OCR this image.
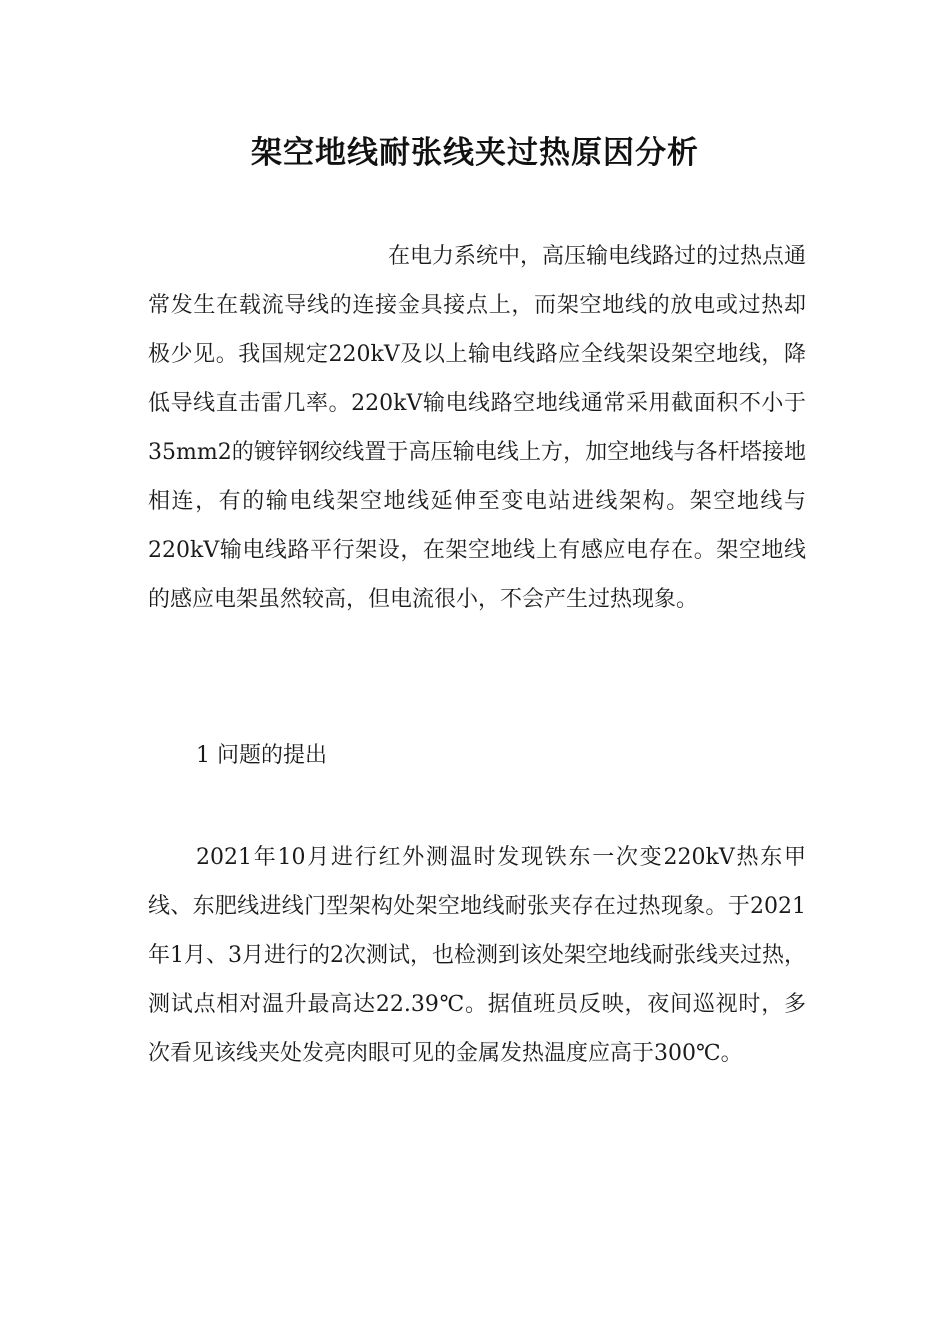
架空地线耐张线夹过热原因分析

在电力系统中，高压输电线路过的过热点通常发生在载流导线的连接金具接点上，而架空地线的放电或过热却极少见。我国规定220kV及以上输电线路应全线架设架空地线，降低导线直击雷几率。220kV输电线路空地线通常采用截面积不小于35mm2的镀锌钢绞线置于高压输电线上方，加空地线与各杆塔接地相连，有的输电线架空地线延伸至变电站进线架构。架空地线与220kV输电线路平行架设，在架空地线上有感应电存在。架空地线的感应电架虽然较高，但电流很小，不会产生过热现象。

1 问题的提出

2021年10月进行红外测温时发现铁东一次变220kV热东甲线、东肥线进线门型架构处架空地线耐张夹存在过热现象。于2021年1月、3月进行的2次测试，也检测到该处架空地线耐张线夹过热，测试点相对温升最高达22.39℃。据值班员反映，夜间巡视时，多次看见该线夹处发亮肉眼可见的金属发热温度应高于300℃。
